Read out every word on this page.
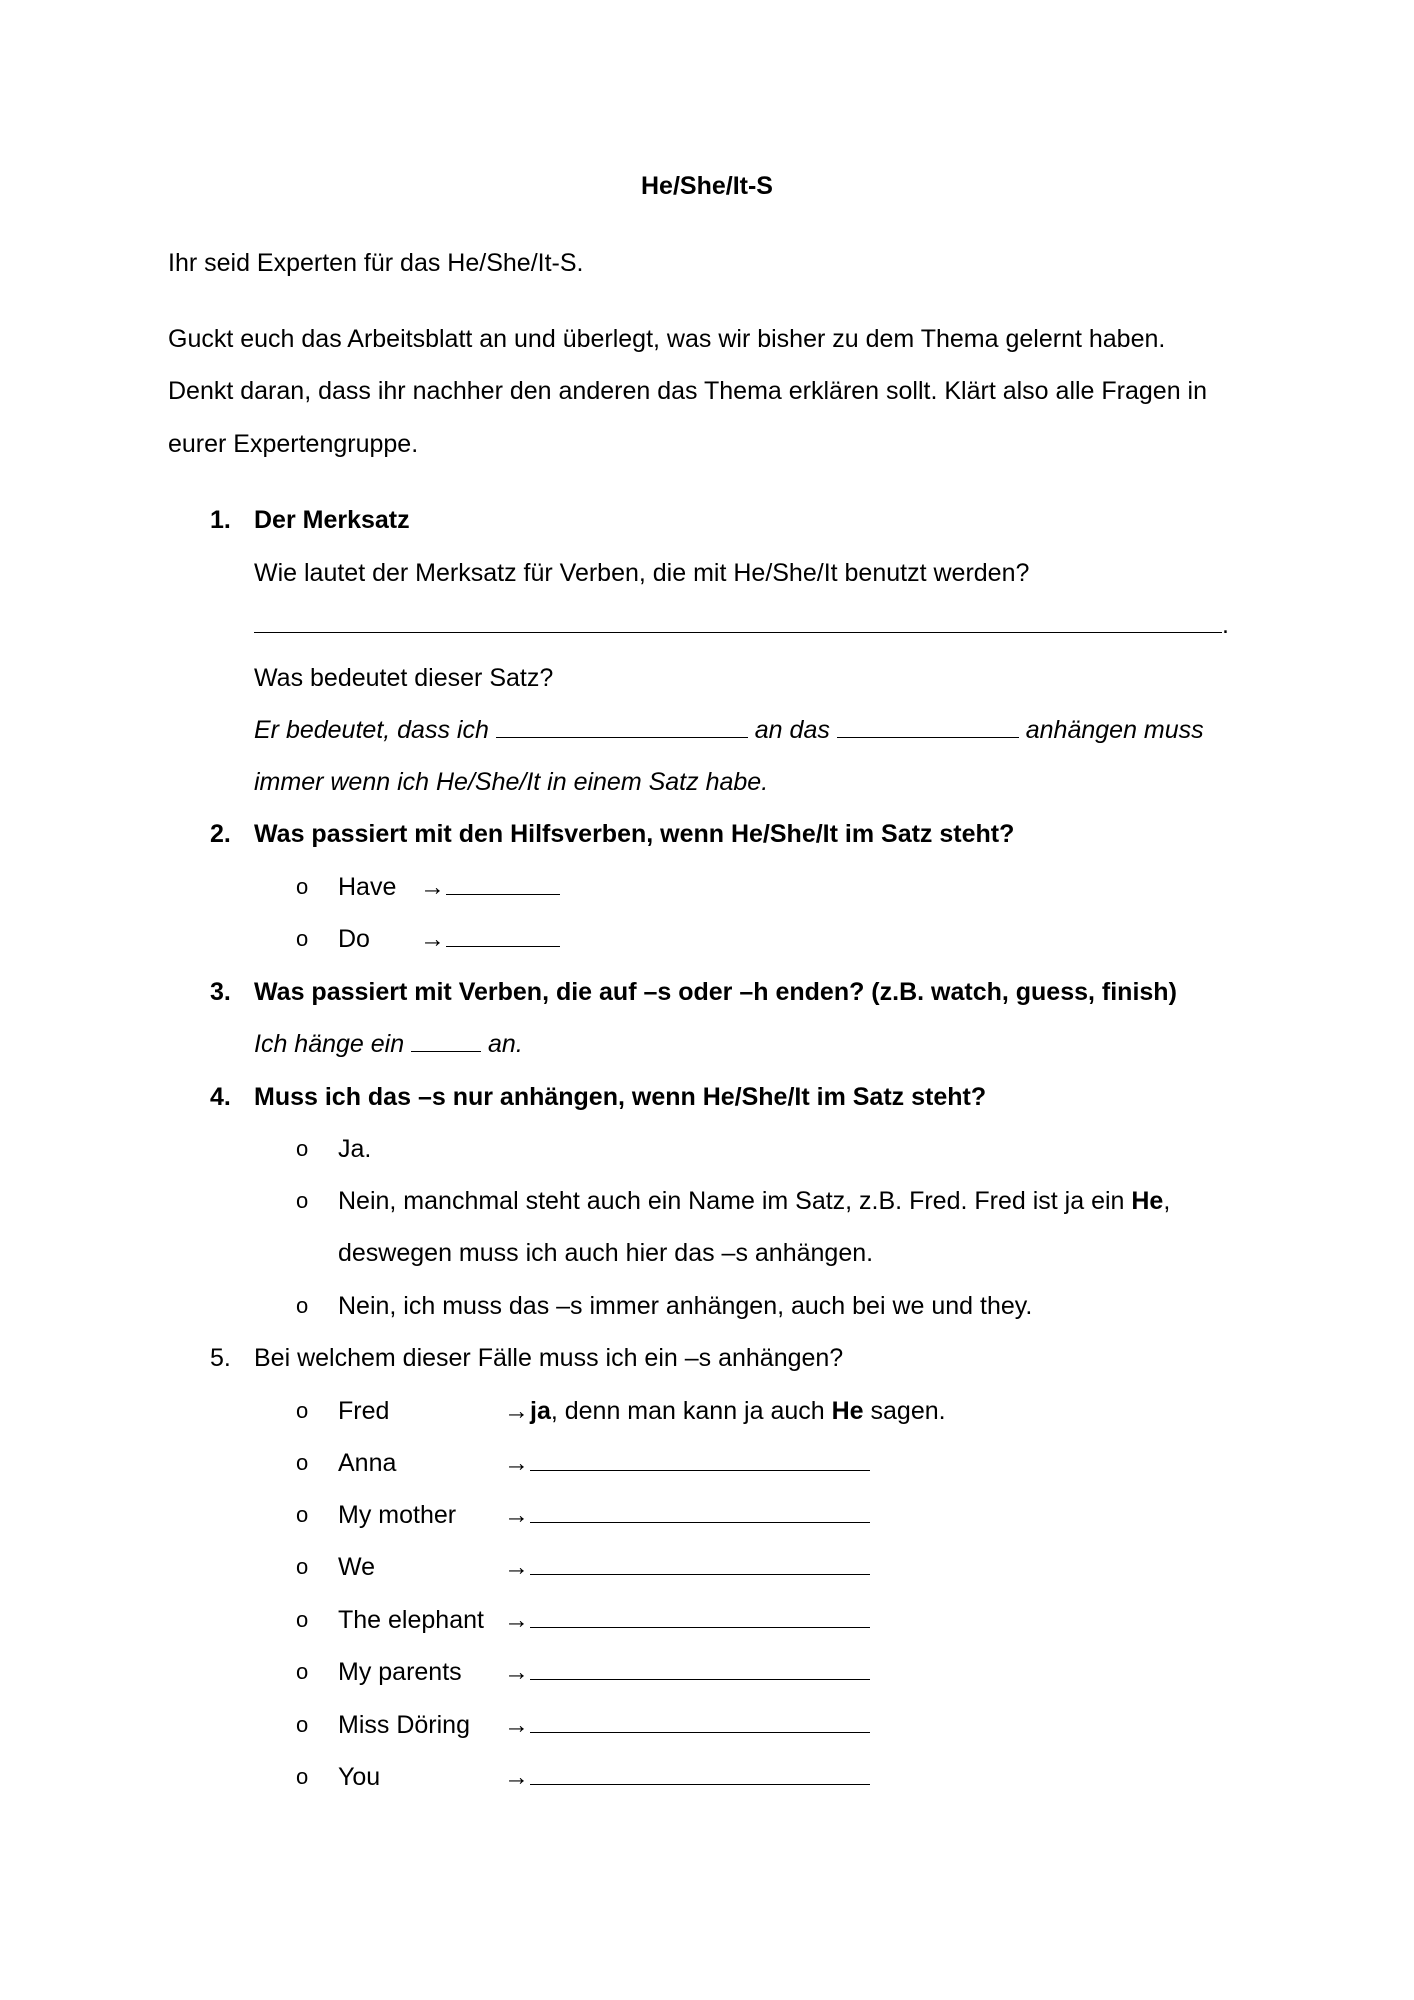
He/She/It-S
Ihr seid Experten für das He/She/It-S.
Guckt euch das Arbeitsblatt an und überlegt, was wir bisher zu dem Thema gelernt haben.
Denkt daran, dass ihr nachher den anderen das Thema erklären sollt. Klärt also alle Fragen in
eurer Expertengruppe.
1. Der Merksatz
Wie lautet der Merksatz für Verben, die mit He/She/It benutzt werden?
.
Was bedeutet dieser Satz?
Er bedeutet, dass ich	an das	anhängen muss
immer wenn ich He/She/It in einem Satz habe.
2. Was passiert mit den Hilfsverben, wenn He/She/It im Satz steht?
o Have →
o Do →
3. Was passiert mit Verben, die auf –s oder –h enden? (z.B. watch, guess, finish)
Ich hänge ein	an.
4. Muss ich das –s nur anhängen, wenn He/She/It im Satz steht?
o Ja.
o Nein, manchmal steht auch ein Name im Satz, z.B. Fred. Fred ist ja ein He,
deswegen muss ich auch hier das –s anhängen.
o Nein, ich muss das –s immer anhängen, auch bei we und they.
5. Bei welchem dieser Fälle muss ich ein –s anhängen?
o Fred	→ja, denn man kann ja auch He sagen.
o Anna	→
o My mother →
o We	→
o The elephant →
o My parents →
o Miss Döring →
o You	→
